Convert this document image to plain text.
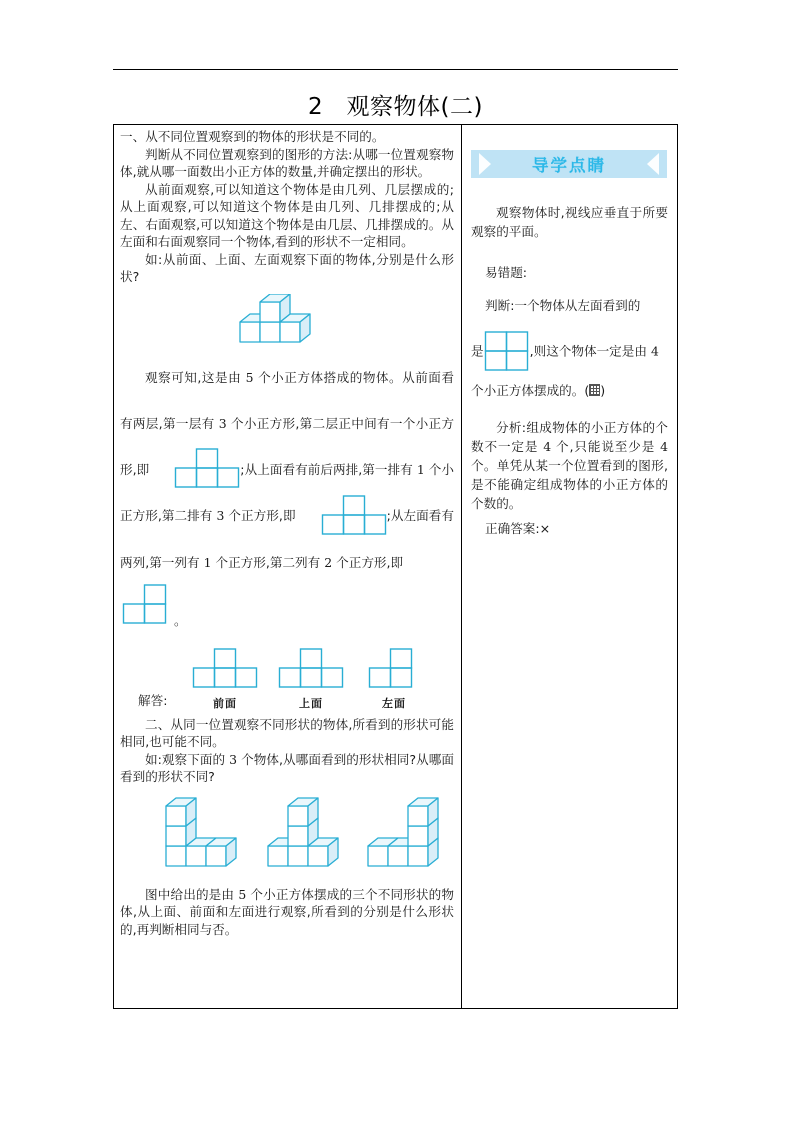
2   观察物体(二)

一、从不同位置观察到的物体的形状是不同的。

判断从不同位置观察到的图形的方法:从哪一位置观察物体,就从哪一面数出小正方体的数量,并确定摆出的形状。

从前面观察,可以知道这个物体是由几列、几层摆成的;从上面观察,可以知道这个物体是由几列、几排摆成的;从左、右面观察,可以知道这个物体是由几层、几排摆成的。从左面和右面观察同一个物体,看到的形状不一定相同。

如:从前面、上面、左面观察下面的物体,分别是什么形状?

观察可知,这是由 5 个小正方体搭成的物体。从前面看有两层,第一层有 3 个小正方形,第二层正中间有一个小正方形,即	;从上面看有前后两排,第一排有 1 个小正方形,第二排有 3 个正方形,即	;从左面看有两列,第一列有 1 个正方形,第二列有 2 个正方形,即

。
解答:	前面	上面	左面

二、从同一位置观察不同形状的物体,所看到的形状可能相同,也可能不同。

如:观察下面的 3 个物体,从哪面看到的形状相同?从哪面看到的形状不同?

图中给出的是由 5 个小正方体摆成的三个不同形状的物体,从上面、前面和左面进行观察,所看到的分别是什么形状的,再判断相同与否。

导学点睛

观察物体时,视线应垂直于所要观察的平面。

易错题:

判断:一个物体从左面看到的

是	,则这个物体一定是由 4

个小正方体摆成的。( )

分析:组成物体的小正方体的个数不一定是 4 个,只能说至少是 4 个。单凭从某一个位置看到的图形,是不能确定组成物体的小正方体的个数的。

正确答案:×
